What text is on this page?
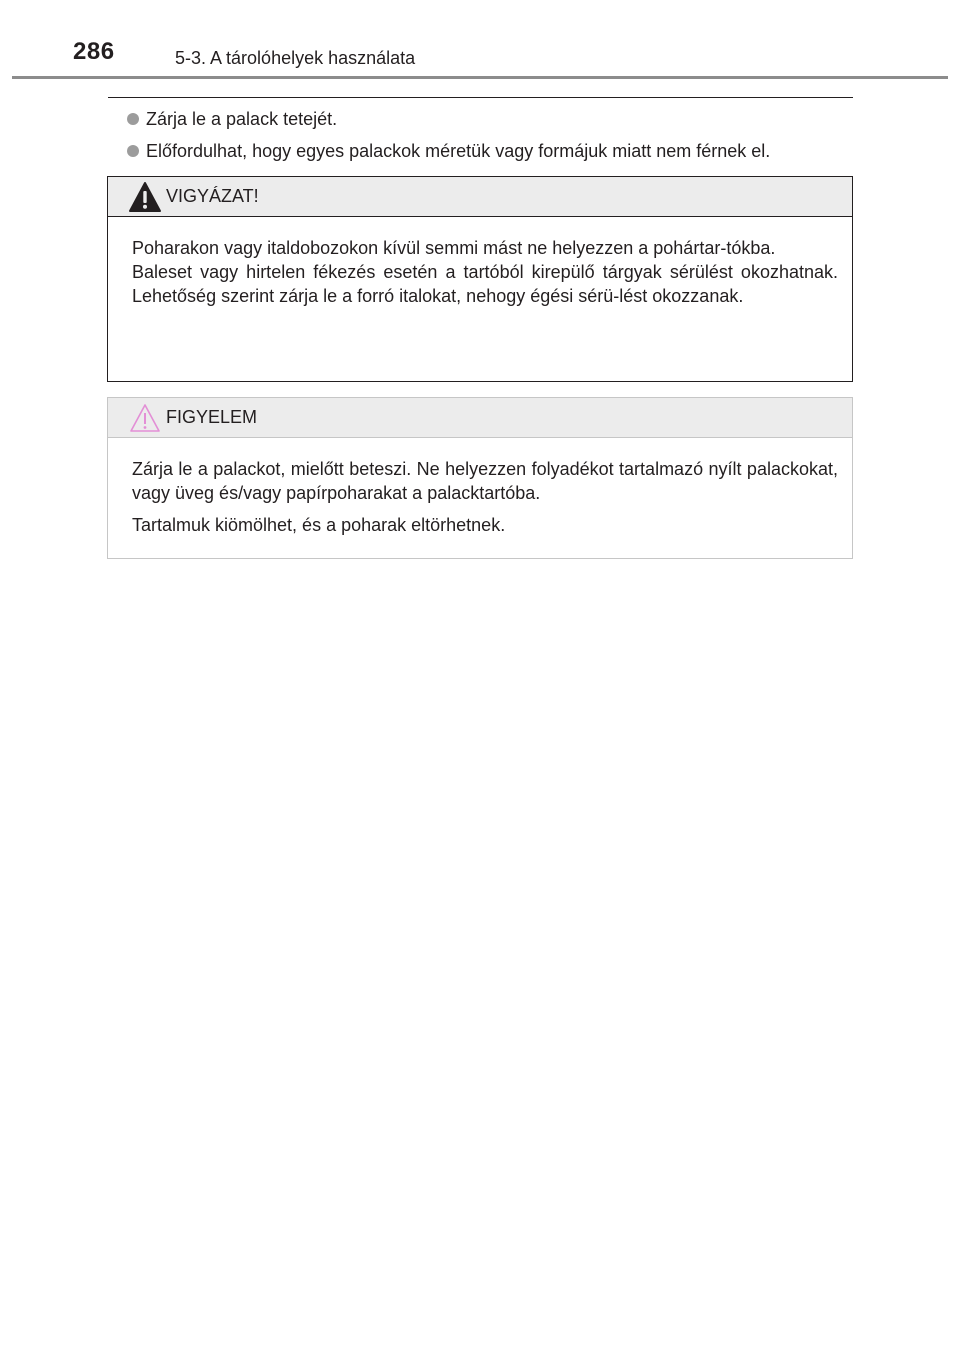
286	5-3. A tárolóhelyek használata
Zárja le a palack tetejét.
Előfordulhat, hogy egyes palackok méretük vagy formájuk miatt nem férnek el.
VIGYÁZAT!

Poharakon vagy italdobozokon kívül semmi mást ne helyezzen a pohártar-tókba.

Baleset vagy hirtelen fékezés esetén a tartóból kirepülő tárgyak sérülést okozhatnak. Lehetőség szerint zárja le a forró italokat, nehogy égési sérü-lést okozzanak.

FIGYELEM

Zárja le a palackot, mielőtt beteszi. Ne helyezzen folyadékot tartalmazó nyílt palackokat, vagy üveg és/vagy papírpoharakat a palacktartóba.

Tartalmuk kiömölhet, és a poharak eltörhetnek.
